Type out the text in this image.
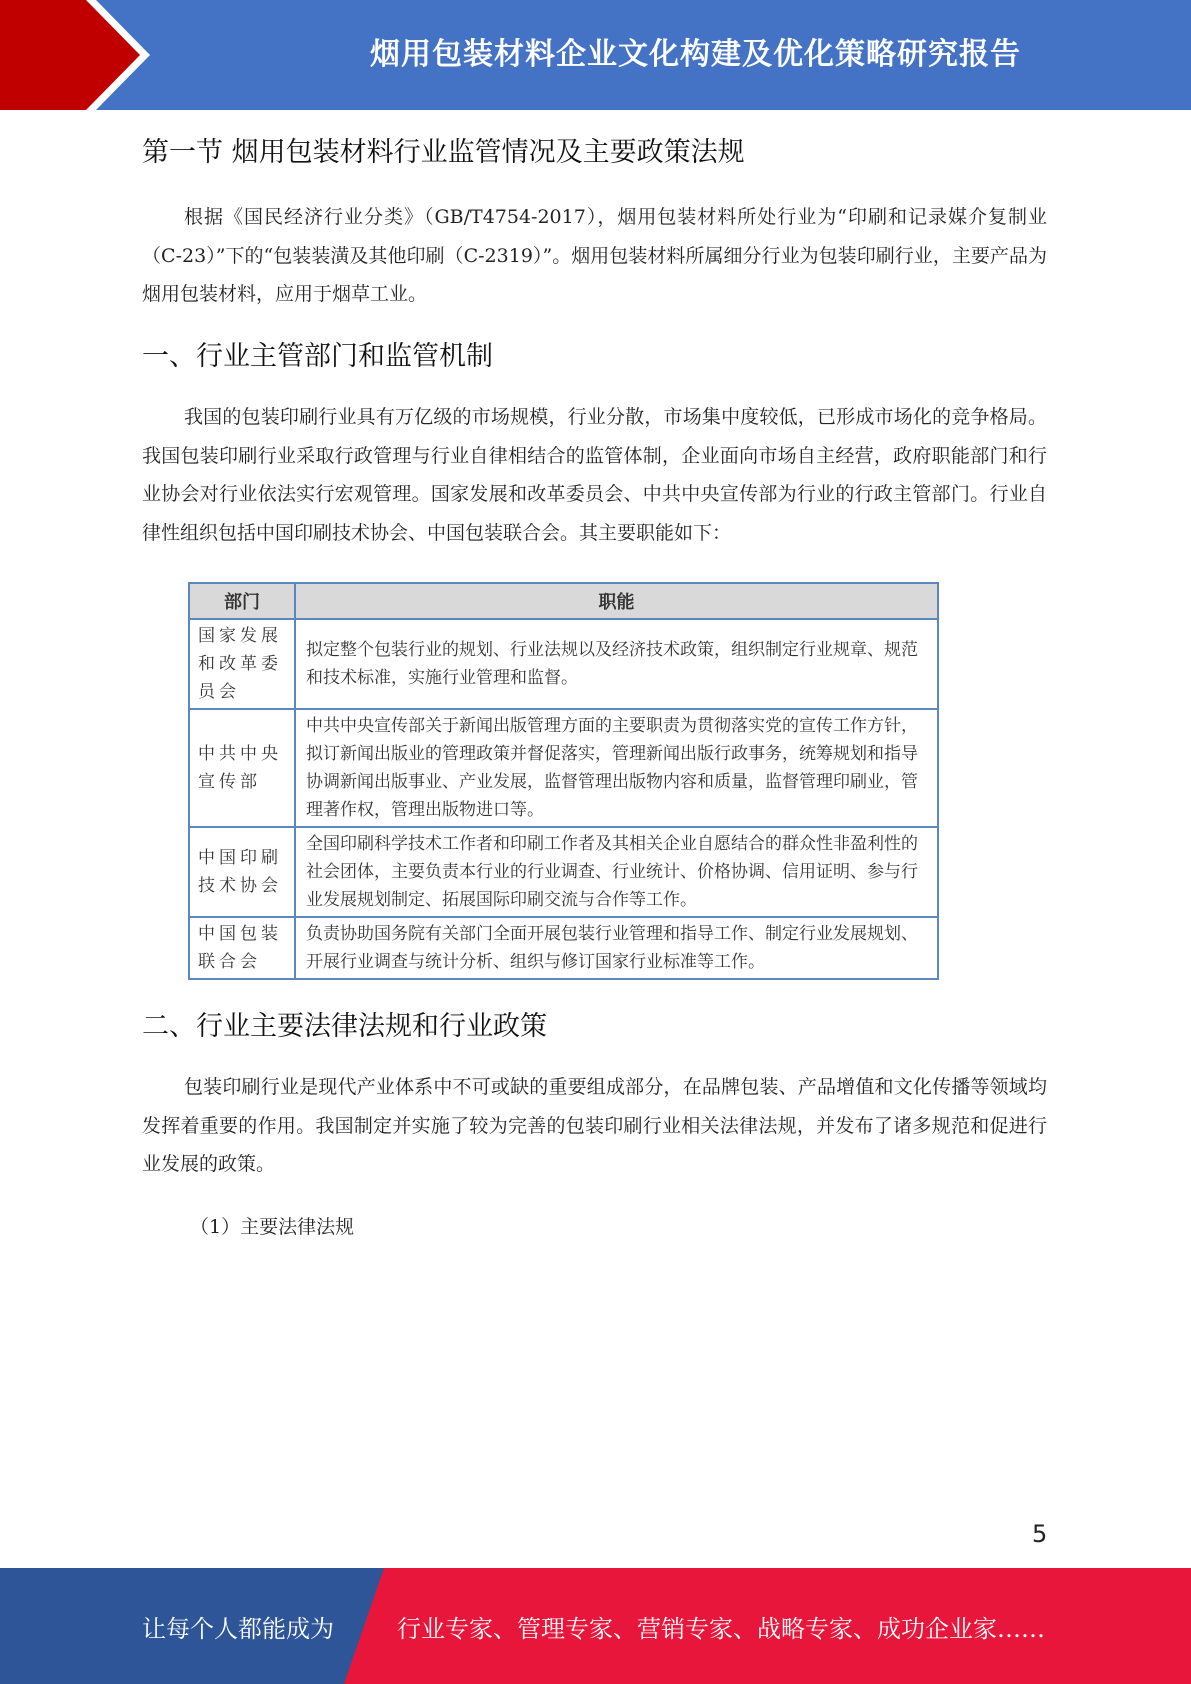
烟用包装材料企业文化构建及优化策略研究报告
第一节 烟用包装材料行业监管情况及主要政策法规
根据《国民经济行业分类》（GB/T4754-2017），烟用包装材料所处行业为“印刷和记录媒介复制业（C-23）”下的“包装装潢及其他印刷（C-2319）”。烟用包装材料所属细分行业为包装印刷行业，主要产品为烟用包装材料，应用于烟草工业。
一、行业主管部门和监管机制
我国的包装印刷行业具有万亿级的市场规模，行业分散，市场集中度较低，已形成市场化的竞争格局。我国包装印刷行业采取行政管理与行业自律相结合的监管体制，企业面向市场自主经营，政府职能部门和行业协会对行业依法实行宏观管理。国家发展和改革委员会、中共中央宣传部为行业的行政主管部门。行业自律性组织包括中国印刷技术协会、中国包装联合会。其主要职能如下：
部门	职能
国家发展和改革委员会	拟定整个包装行业的规划、行业法规以及经济技术政策，组织制定行业规章、规范和技术标准，实施行业管理和监督。
中共中央宣传部	中共中央宣传部关于新闻出版管理方面的主要职责为贯彻落实党的宣传工作方针，拟订新闻出版业的管理政策并督促落实，管理新闻出版行政事务，统筹规划和指导协调新闻出版事业、产业发展，监督管理出版物内容和质量，监督管理印刷业，管理著作权，管理出版物进口等。
中国印刷技术协会	全国印刷科学技术工作者和印刷工作者及其相关企业自愿结合的群众性非盈利性的社会团体，主要负责本行业的行业调查、行业统计、价格协调、信用证明、参与行业发展规划制定、拓展国际印刷交流与合作等工作。
中国包装联合会	负责协助国务院有关部门全面开展包装行业管理和指导工作、制定行业发展规划、开展行业调查与统计分析、组织与修订国家行业标准等工作。
二、行业主要法律法规和行业政策
包装印刷行业是现代产业体系中不可或缺的重要组成部分，在品牌包装、产品增值和文化传播等领域均发挥着重要的作用。我国制定并实施了较为完善的包装印刷行业相关法律法规，并发布了诸多规范和促进行业发展的政策。
（1）主要法律法规
5
让每个人都能成为	行业专家、管理专家、营销专家、战略专家、成功企业家……
